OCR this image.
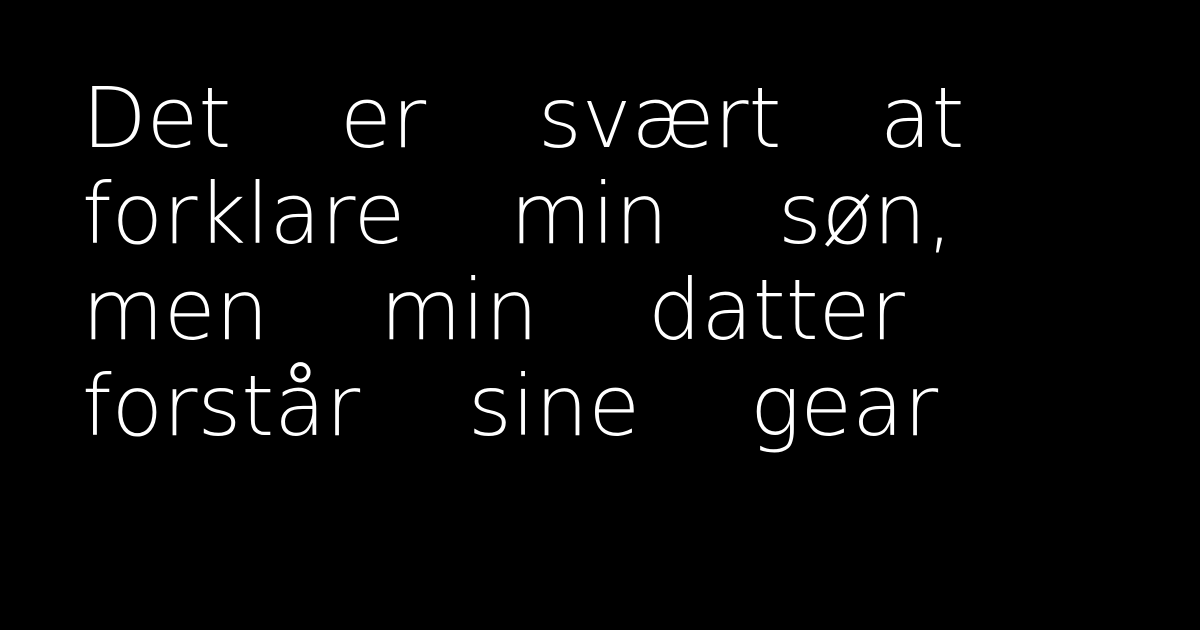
Det er svært at
forklare min søn,
men min datter
forstår sine gear
